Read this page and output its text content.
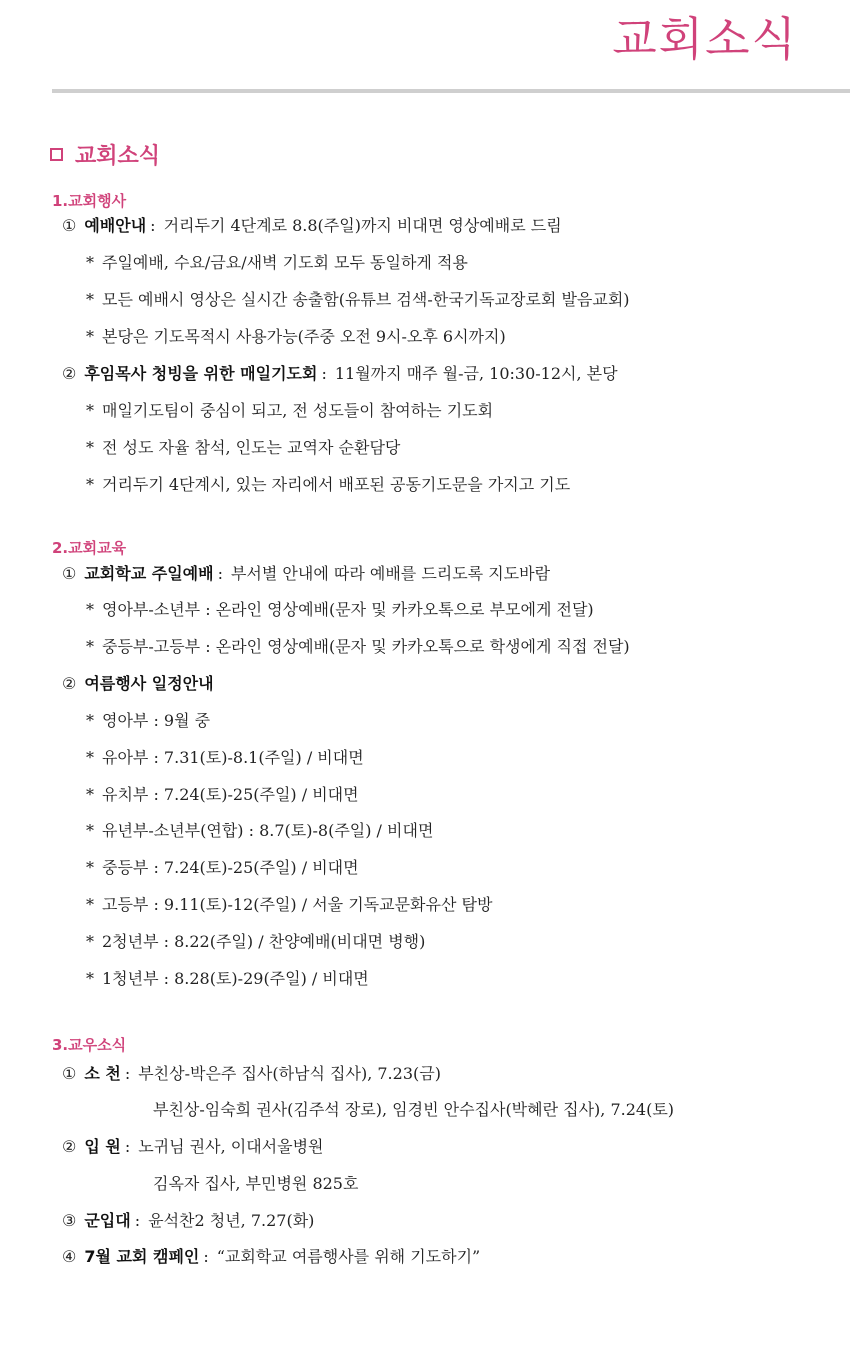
교회소식
교회소식
1.교회행사
① 예배안내 : 거리두기 4단계로 8.8(주일)까지 비대면 영상예배로 드림
* 주일예배, 수요/금요/새벽 기도회 모두 동일하게 적용
* 모든 예배시 영상은 실시간 송출함(유튜브 검색-한국기독교장로회 발음교회)
* 본당은 기도목적시 사용가능(주중 오전 9시-오후 6시까지)
② 후임목사 청빙을 위한 매일기도회 : 11월까지 매주 월-금, 10:30-12시, 본당
* 매일기도팀이 중심이 되고, 전 성도들이 참여하는 기도회
* 전 성도 자율 참석, 인도는 교역자 순환담당
* 거리두기 4단계시, 있는 자리에서 배포된 공동기도문을 가지고 기도
2.교회교육
① 교회학교 주일예배 : 부서별 안내에 따라 예배를 드리도록 지도바람
* 영아부-소년부 : 온라인 영상예배(문자 및 카카오톡으로 부모에게 전달)
* 중등부-고등부 : 온라인 영상예배(문자 및 카카오톡으로 학생에게 직접 전달)
② 여름행사 일정안내
* 영아부 : 9월 중
* 유아부 : 7.31(토)-8.1(주일) / 비대면
* 유치부 : 7.24(토)-25(주일) / 비대면
* 유년부-소년부(연합) : 8.7(토)-8(주일) / 비대면
* 중등부 : 7.24(토)-25(주일) / 비대면
* 고등부 : 9.11(토)-12(주일) / 서울 기독교문화유산 탐방
* 2청년부 : 8.22(주일) / 찬양예배(비대면 병행)
* 1청년부 : 8.28(토)-29(주일) / 비대면
3.교우소식
① 소 천 : 부친상-박은주 집사(하남식 집사), 7.23(금)
부친상-임숙희 권사(김주석 장로), 임경빈 안수집사(박혜란 집사), 7.24(토)
② 입 원 : 노귀님 권사, 이대서울병원
김옥자 집사, 부민병원 825호
③ 군입대 : 윤석찬2 청년, 7.27(화)
④ 7월 교회 캠페인 : “교회학교 여름행사를 위해 기도하기”
